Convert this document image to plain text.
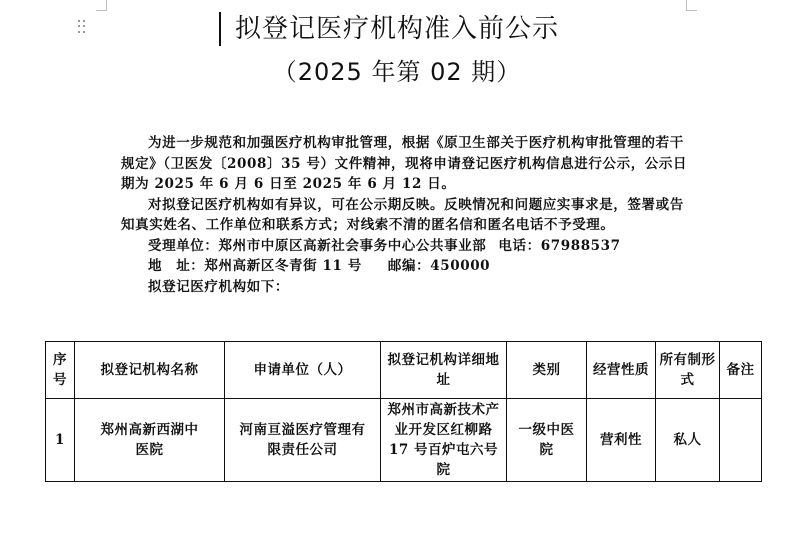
拟登记医疗机构准入前公示
（2025 年第 02 期）

为进一步规范和加强医疗机构审批管理，根据《原卫生部关于医疗机构审批管理的若干规定》（卫医发〔2008〕35 号）文件精神，现将申请登记医疗机构信息进行公示，公示日期为 2025 年 6 月 6 日至 2025 年 6 月 12 日。

对拟登记医疗机构如有异议，可在公示期反映。反映情况和问题应实事求是，签署或告知真实姓名、工作单位和联系方式；对线索不清的匿名信和匿名电话不予受理。

受理单位：郑州市中原区高新社会事务中心公共事业部 电话：67988537
地　址：郑州高新区冬青街 11 号 邮编：450000
拟登记医疗机构如下：
序号	拟登记机构名称	申请单位（人）	拟登记机构详细地址	类别	经营性质	所有制形式	备注
1	郑州高新西湖中医院	河南亘溢医疗管理有限责任公司	郑州市高新技术产业开发区红柳路 17 号百炉屯六号院	一级中医院	营利性	私人	
